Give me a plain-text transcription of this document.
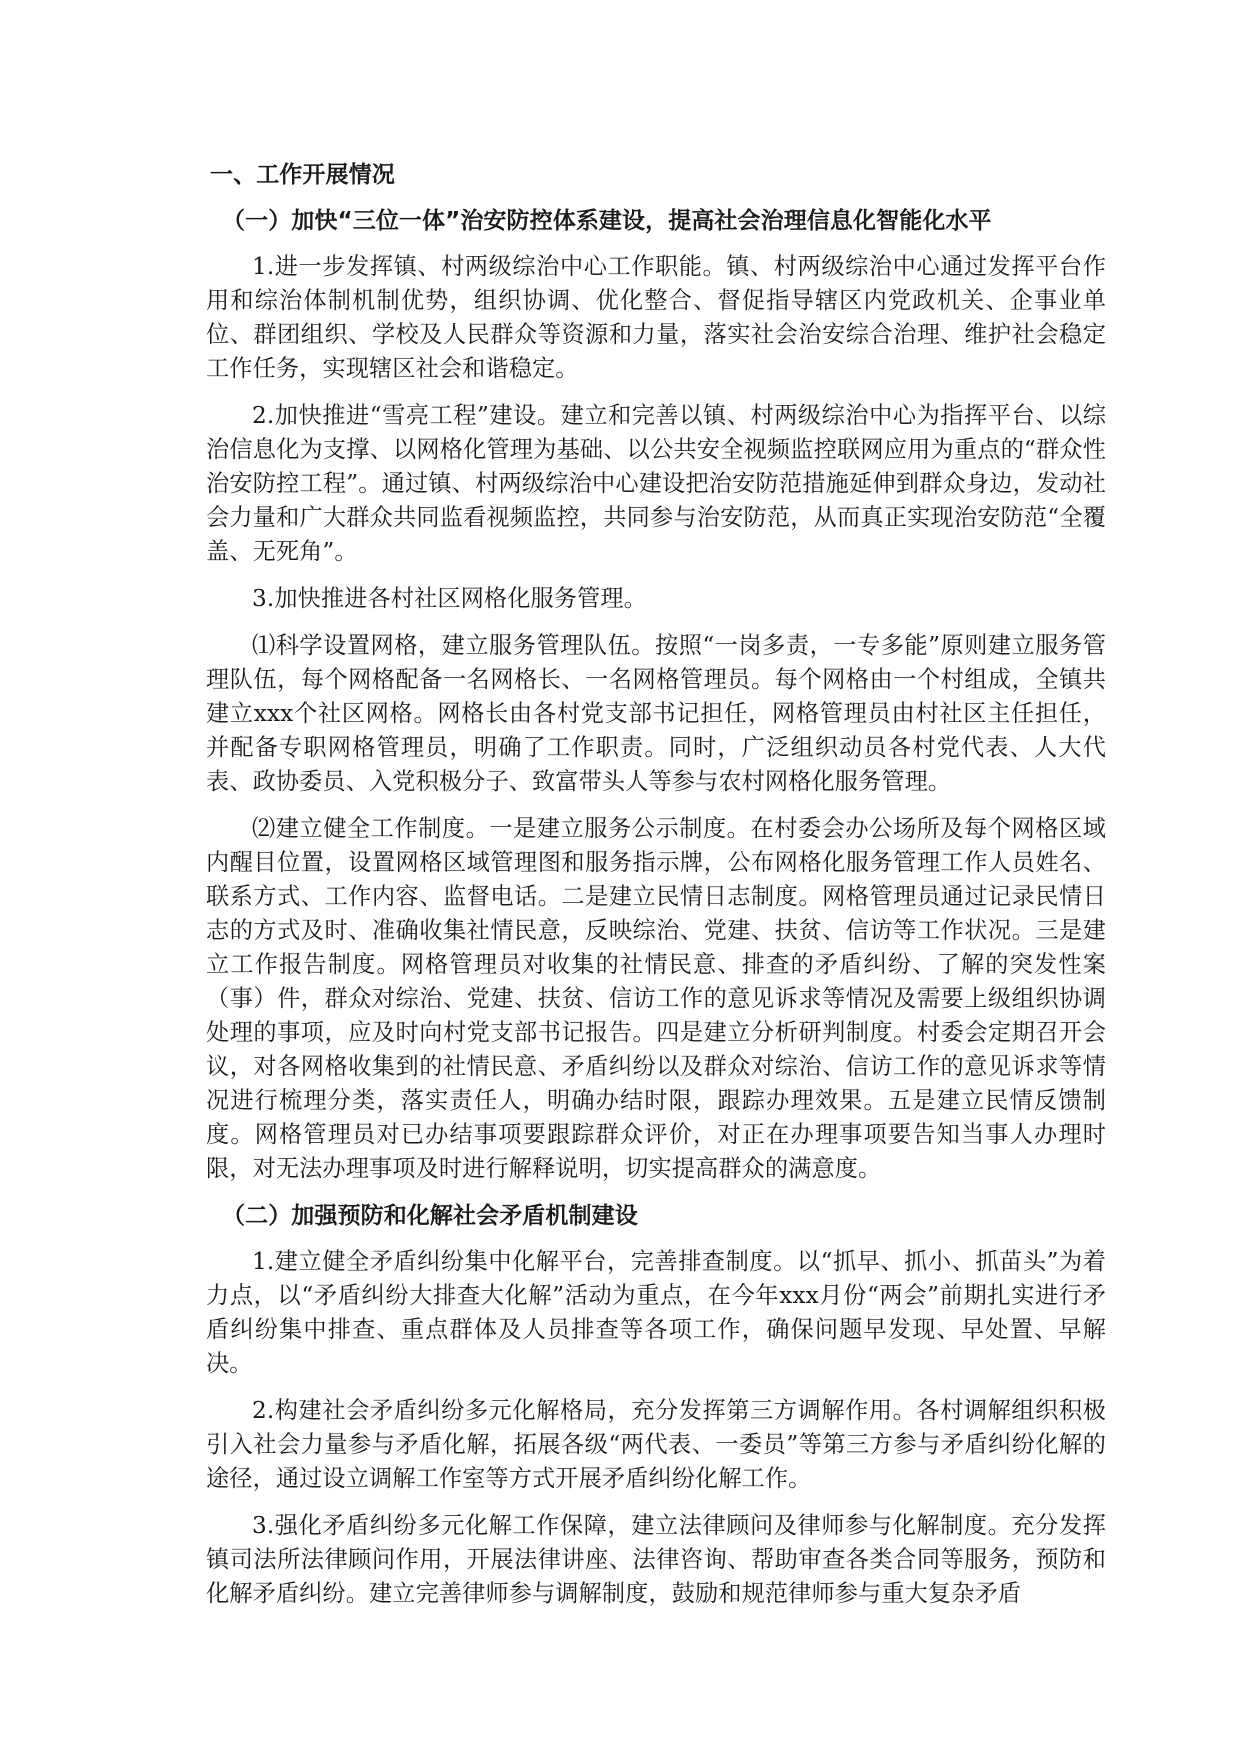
一、工作开展情况
（一）加快“三位一体”治安防控体系建设，提高社会治理信息化智能化水平

1.进一步发挥镇、村两级综治中心工作职能。镇、村两级综治中心通过发挥平台作用和综治体制机制优势，组织协调、优化整合、督促指导辖区内党政机关、企事业单位、群团组织、学校及人民群众等资源和力量，落实社会治安综合治理、维护社会稳定工作任务，实现辖区社会和谐稳定。

2.加快推进“雪亮工程”建设。建立和完善以镇、村两级综治中心为指挥平台、以综治信息化为支撑、以网格化管理为基础、以公共安全视频监控联网应用为重点的“群众性治安防控工程”。通过镇、村两级综治中心建设把治安防范措施延伸到群众身边，发动社会力量和广大群众共同监看视频监控，共同参与治安防范，从而真正实现治安防范“全覆盖、无死角”。

3.加快推进各村社区网格化服务管理。

⑴科学设置网格，建立服务管理队伍。按照“一岗多责，一专多能”原则建立服务管理队伍，每个网格配备一名网格长、一名网格管理员。每个网格由一个村组成，全镇共建立xxx个社区网格。网格长由各村党支部书记担任，网格管理员由村社区主任担任，并配备专职网格管理员，明确了工作职责。同时，广泛组织动员各村党代表、人大代表、政协委员、入党积极分子、致富带头人等参与农村网格化服务管理。

⑵建立健全工作制度。一是建立服务公示制度。在村委会办公场所及每个网格区域内醒目位置，设置网格区域管理图和服务指示牌，公布网格化服务管理工作人员姓名、联系方式、工作内容、监督电话。二是建立民情日志制度。网格管理员通过记录民情日志的方式及时、准确收集社情民意，反映综治、党建、扶贫、信访等工作状况。三是建立工作报告制度。网格管理员对收集的社情民意、排查的矛盾纠纷、了解的突发性案（事）件，群众对综治、党建、扶贫、信访工作的意见诉求等情况及需要上级组织协调处理的事项，应及时向村党支部书记报告。四是建立分析研判制度。村委会定期召开会议，对各网格收集到的社情民意、矛盾纠纷以及群众对综治、信访工作的意见诉求等情况进行梳理分类，落实责任人，明确办结时限，跟踪办理效果。五是建立民情反馈制度。网格管理员对已办结事项要跟踪群众评价，对正在办理事项要告知当事人办理时限，对无法办理事项及时进行解释说明，切实提高群众的满意度。

（二）加强预防和化解社会矛盾机制建设

1.建立健全矛盾纠纷集中化解平台，完善排查制度。以“抓早、抓小、抓苗头”为着力点，以“矛盾纠纷大排查大化解”活动为重点，在今年xxx月份“两会”前期扎实进行矛盾纠纷集中排查、重点群体及人员排查等各项工作，确保问题早发现、早处置、早解决。

2.构建社会矛盾纠纷多元化解格局，充分发挥第三方调解作用。各村调解组织积极引入社会力量参与矛盾化解，拓展各级“两代表、一委员”等第三方参与矛盾纠纷化解的途径，通过设立调解工作室等方式开展矛盾纠纷化解工作。

3.强化矛盾纠纷多元化解工作保障，建立法律顾问及律师参与化解制度。充分发挥镇司法所法律顾问作用，开展法律讲座、法律咨询、帮助审查各类合同等服务，预防和化解矛盾纠纷。建立完善律师参与调解制度，鼓励和规范律师参与重大复杂矛盾
